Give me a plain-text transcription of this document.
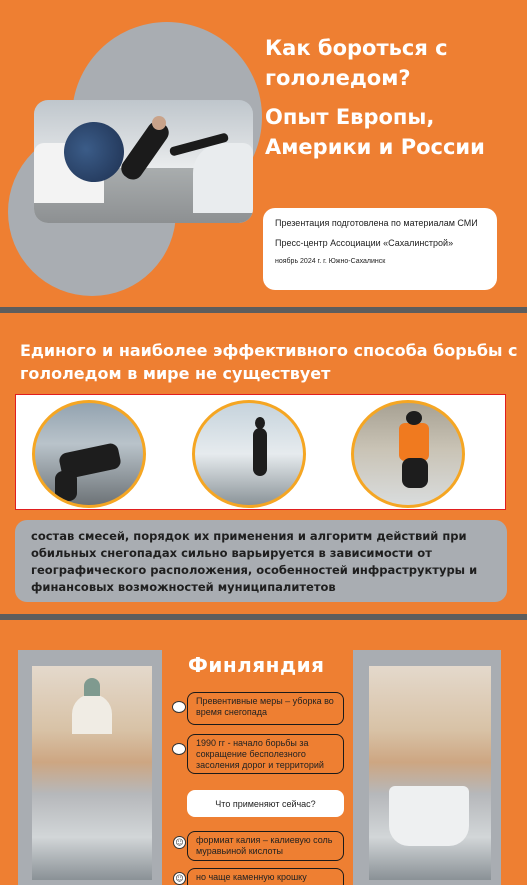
Как бороться с гололедом?
Опыт Европы, Америки и России
Презентация подготовлена по материалам СМИ
Пресс-центр Ассоциации «Сахалинстрой»
ноябрь 2024 г. г. Южно-Сахалинск
Единого и наиболее эффективного способа борьбы с гололедом в мире не существует
состав смесей, порядок их применения и алгоритм действий при обильных снегопадах сильно варьируется в зависимости от географического расположения, особенностей инфраструктуры и финансовых возможностей муниципалитетов
Финляндия
Превентивные меры – уборка во время снегопада
1990 гг - начало борьбы за сокращение бесполезного засоления дорог и территорий
Что применяют сейчас?
☺	формиат калия – калиевую соль муравьиной кислоты
☺	но чаще каменную крошку
